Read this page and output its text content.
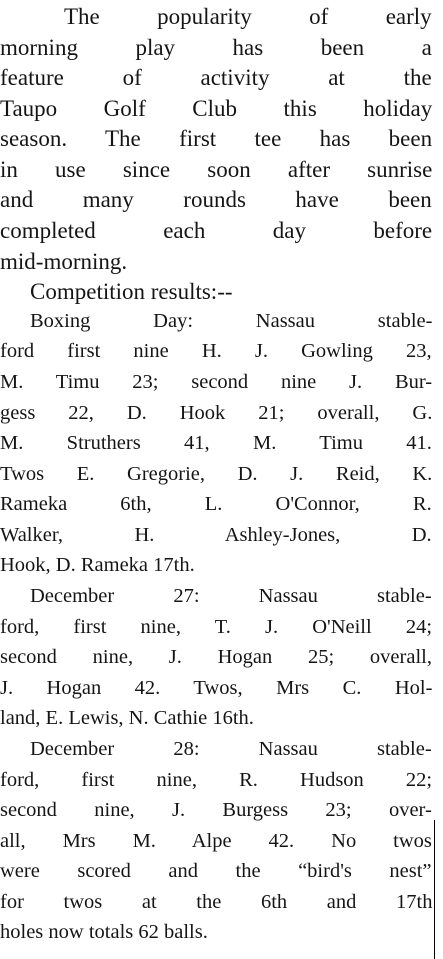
The popularity of early
morning play has been a
feature of activity at the
Taupo Golf Club this holiday
season. The first tee has been
in use since soon after sunrise
and many rounds have been
completed each day before
mid-morning.
Competition results:--
Boxing Day: Nassau stable-
ford first nine H. J. Gowling 23,
M. Timu 23; second nine J. Bur-
gess 22, D. Hook 21; overall, G.
M. Struthers 41, M. Timu 41.
Twos E. Gregorie, D. J. Reid, K.
Rameka 6th, L. O'Connor, R.
Walker, H. Ashley-Jones, D.
Hook, D. Rameka 17th.
December 27: Nassau stable-
ford, first nine, T. J. O'Neill 24;
second nine, J. Hogan 25; overall,
J. Hogan 42. Twos, Mrs C. Hol-
land, E. Lewis, N. Cathie 16th.
December 28: Nassau stable-
ford, first nine, R. Hudson 22;
second nine, J. Burgess 23; over-
all, Mrs M. Alpe 42. No twos
were scored and the “bird's nest”
for twos at the 6th and 17th
holes now totals 62 balls.
